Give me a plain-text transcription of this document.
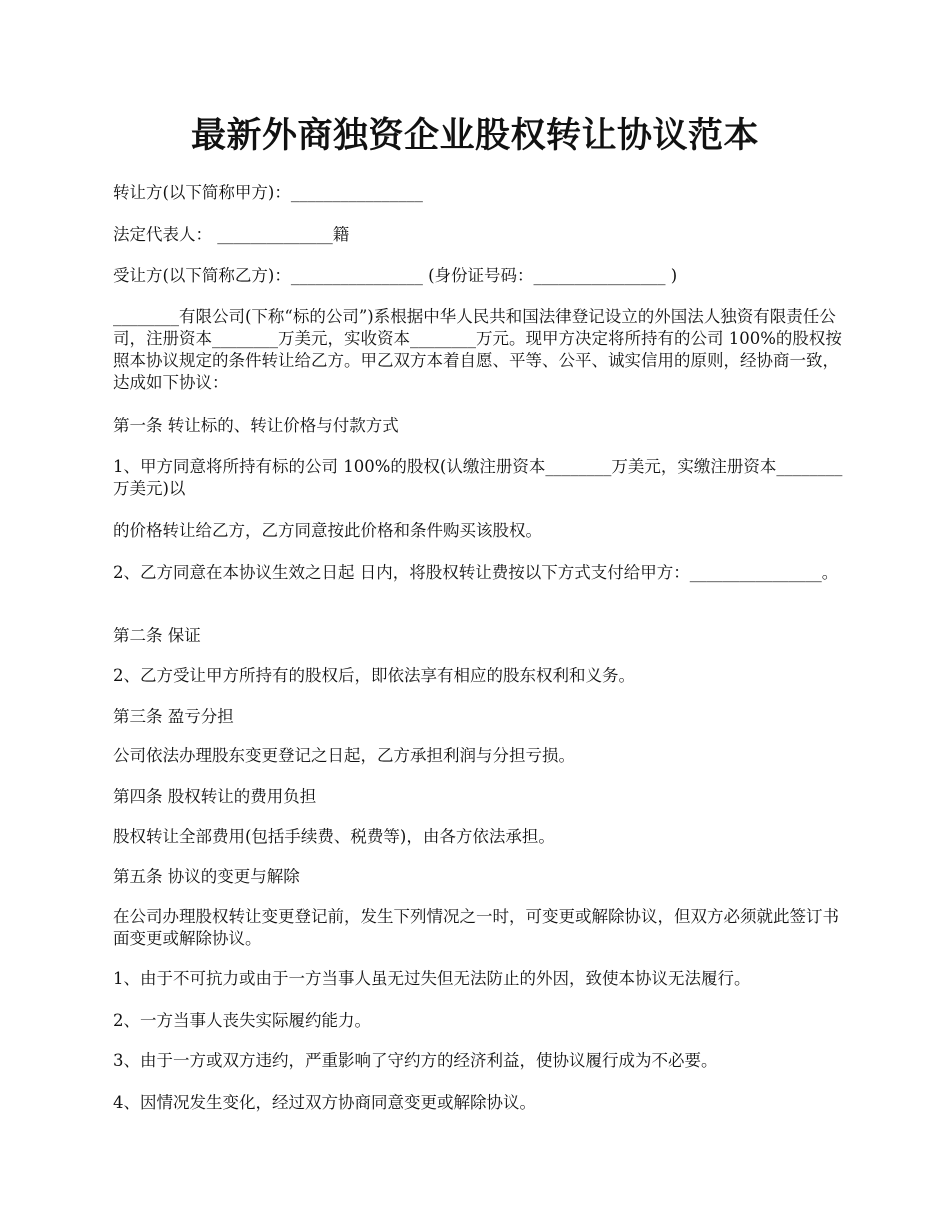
最新外商独资企业股权转让协议范本

转让方(以下简称甲方)：________________

法定代表人： ______________籍

受让方(以下简称乙方)：________________ (身份证号码：________________ )

________有限公司(下称“标的公司”)系根据中华人民共和国法律登记设立的外国法人独资有限责任公司，注册资本________万美元，实收资本________万元。现甲方决定将所持有的公司 100%的股权按照本协议规定的条件转让给乙方。甲乙双方本着自愿、平等、公平、诚实信用的原则，经协商一致，达成如下协议：

第一条 转让标的、转让价格与付款方式

1、甲方同意将所持有标的公司 100%的股权(认缴注册资本________万美元，实缴注册资本________万美元)以

的价格转让给乙方，乙方同意按此价格和条件购买该股权。

2、乙方同意在本协议生效之日起 日内，将股权转让费按以下方式支付给甲方：________________。

第二条 保证

2、乙方受让甲方所持有的股权后，即依法享有相应的股东权利和义务。

第三条 盈亏分担

公司依法办理股东变更登记之日起，乙方承担利润与分担亏损。

第四条 股权转让的费用负担

股权转让全部费用(包括手续费、税费等)，由各方依法承担。

第五条 协议的变更与解除

在公司办理股权转让变更登记前，发生下列情况之一时，可变更或解除协议，但双方必须就此签订书面变更或解除协议。

1、由于不可抗力或由于一方当事人虽无过失但无法防止的外因，致使本协议无法履行。

2、一方当事人丧失实际履约能力。

3、由于一方或双方违约，严重影响了守约方的经济利益，使协议履行成为不必要。

4、因情况发生变化，经过双方协商同意变更或解除协议。
